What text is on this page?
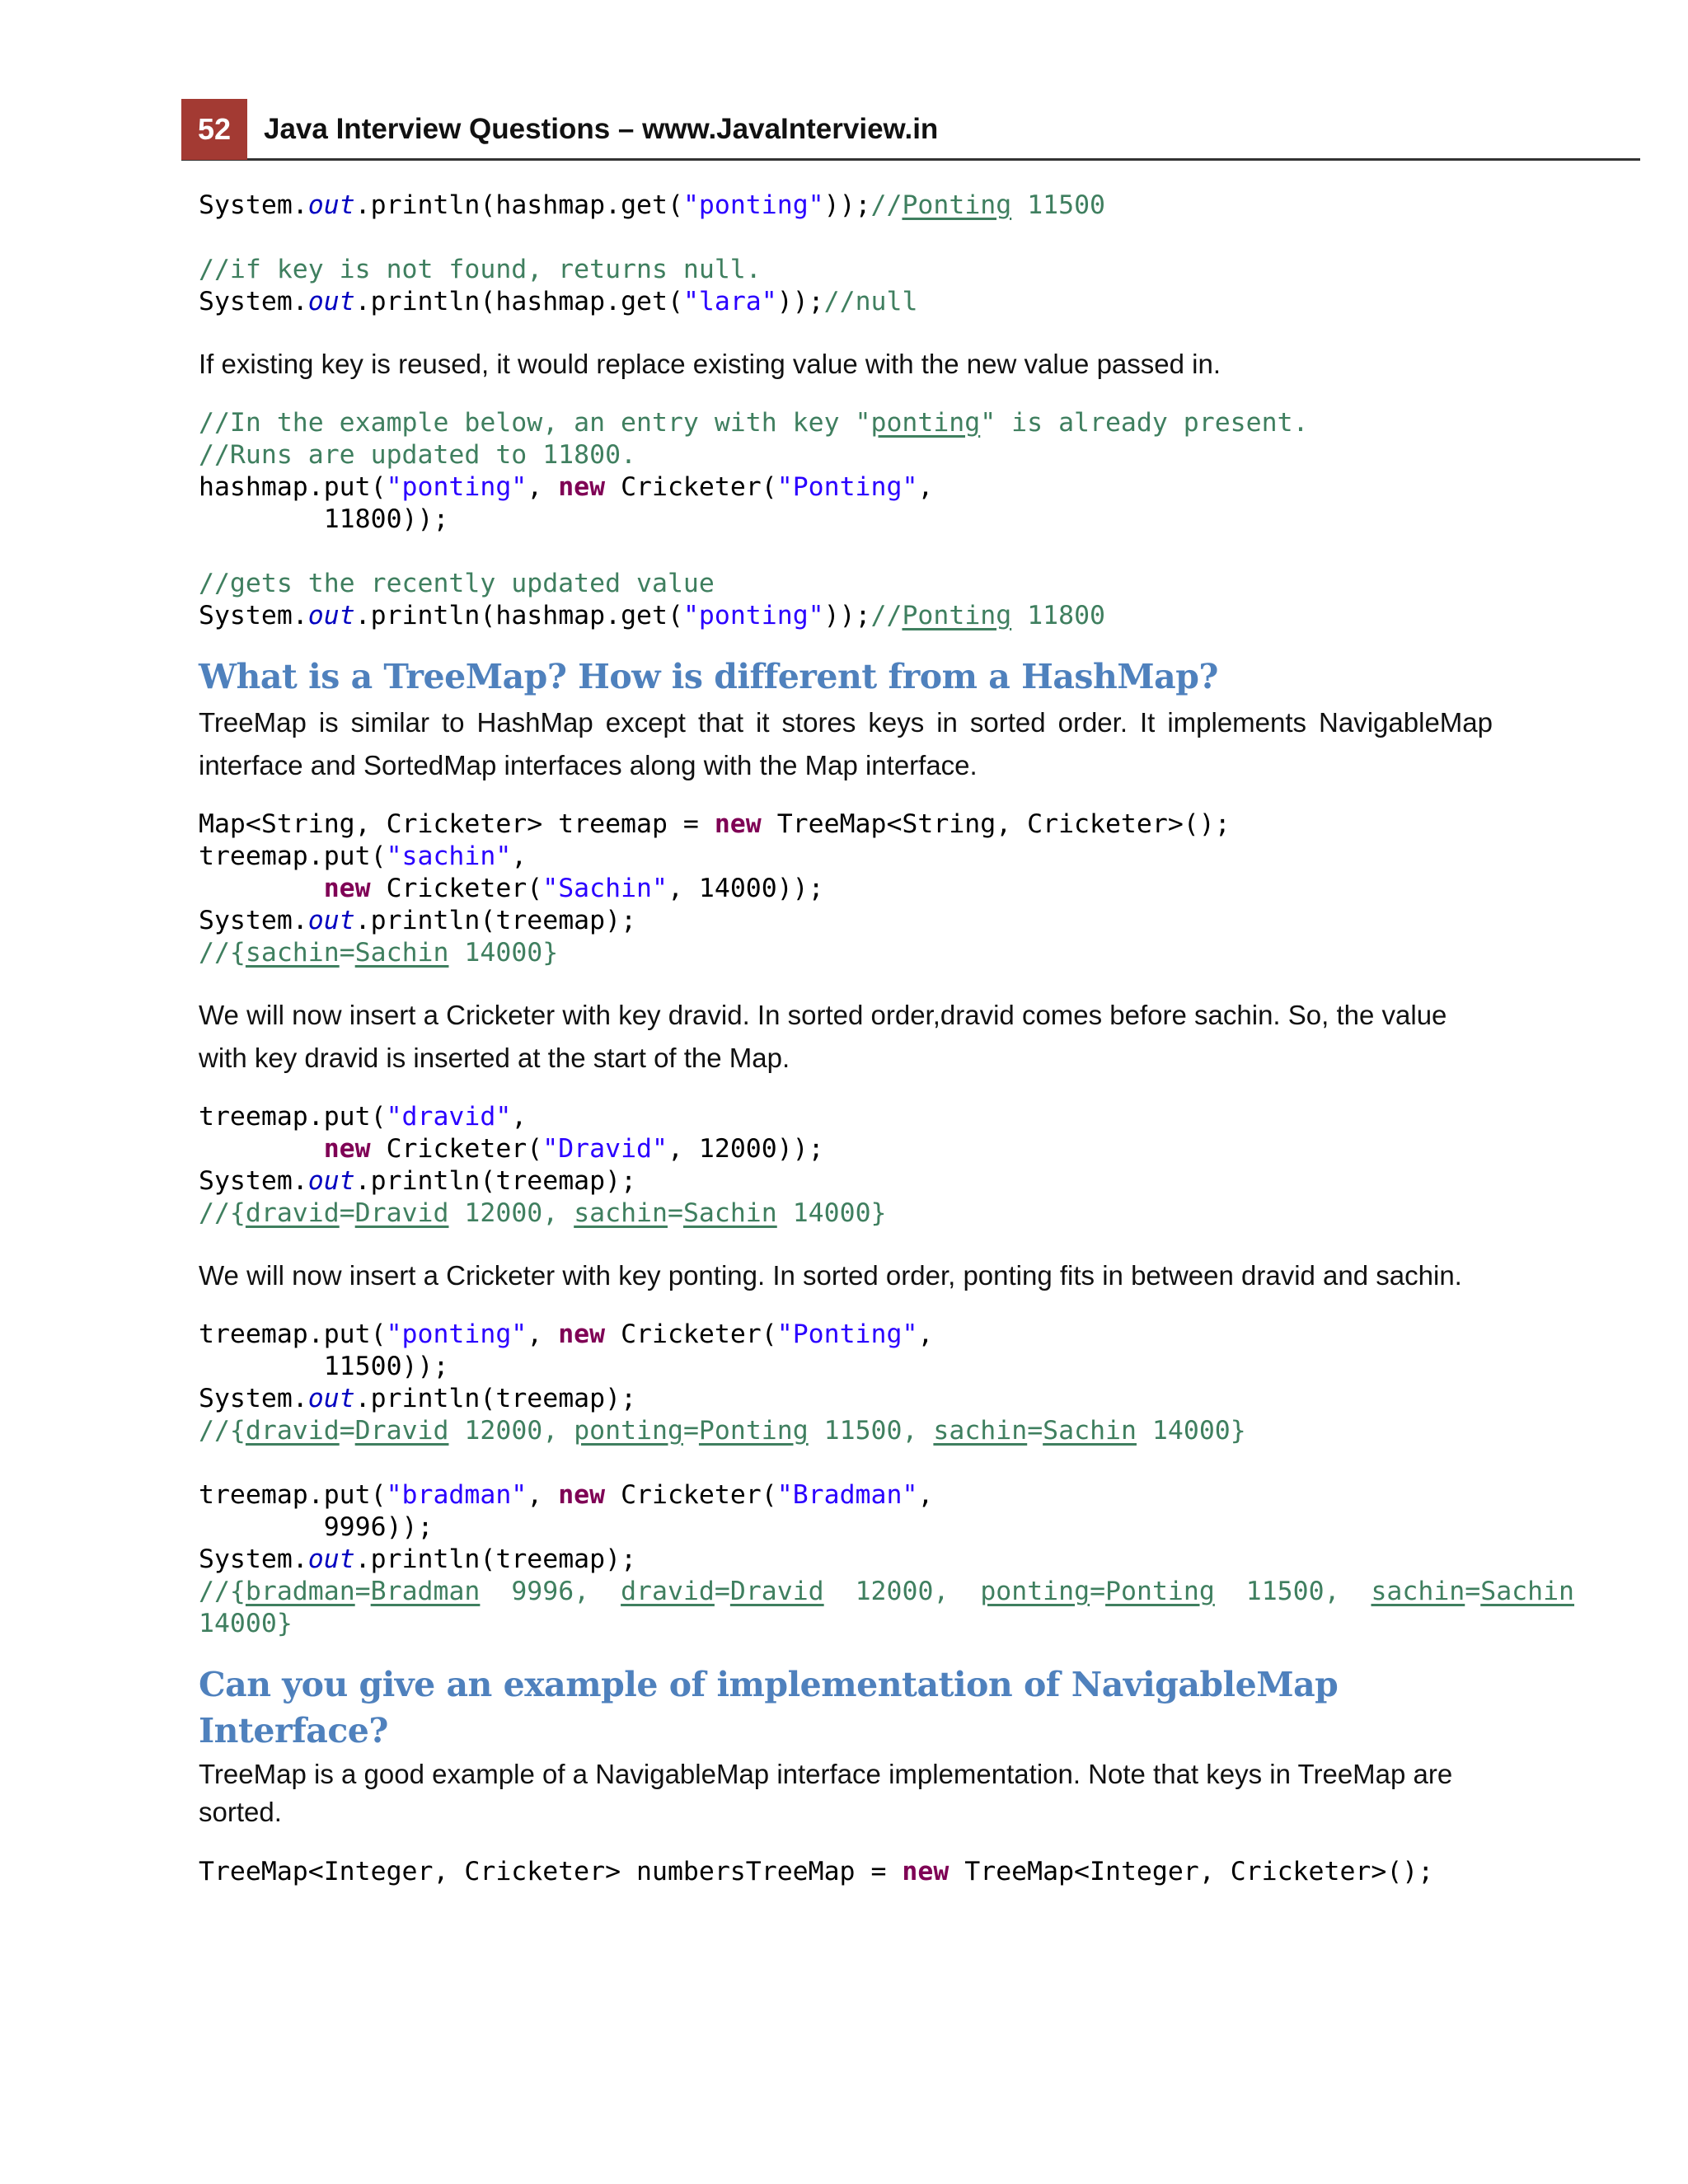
52	Java Interview Questions – www.JavaInterview.in
System.out.println(hashmap.get("ponting"));//Ponting 11500
//if key is not found, returns null.
System.out.println(hashmap.get("lara"));//null

If existing key is reused, it would replace existing value with the new value passed in.

//In the example below, an entry with key "ponting" is already present.
//Runs are updated to 11800.
hashmap.put("ponting", new Cricketer("Ponting",
11800));
//gets the recently updated value
System.out.println(hashmap.get("ponting"));//Ponting 11800
What is a TreeMap? How is different from a HashMap?

TreeMap is similar to HashMap except that it stores keys in sorted order. It implements NavigableMap interface and SortedMap interfaces along with the Map interface.

Map<String, Cricketer> treemap = new TreeMap<String, Cricketer>();
treemap.put("sachin",
new Cricketer("Sachin", 14000));
System.out.println(treemap);
//{sachin=Sachin 14000}

We will now insert a Cricketer with key dravid. In sorted order,dravid comes before sachin. So, the value with key dravid is inserted at the start of the Map.

treemap.put("dravid",
new Cricketer("Dravid", 12000));
System.out.println(treemap);
//{dravid=Dravid 12000, sachin=Sachin 14000}

We will now insert a Cricketer with key ponting. In sorted order, ponting fits in between dravid and sachin.

treemap.put("ponting", new Cricketer("Ponting",
11500));
System.out.println(treemap);
//{dravid=Dravid 12000, ponting=Ponting 11500, sachin=Sachin 14000}
treemap.put("bradman", new Cricketer("Bradman",
9996));
System.out.println(treemap);
//{bradman=Bradman  9996,  dravid=Dravid  12000,  ponting=Ponting  11500,  sachin=Sachin
14000}
Can you give an example of implementation of NavigableMap Interface?

TreeMap is a good example of a NavigableMap interface implementation. Note that keys in TreeMap are sorted.

TreeMap<Integer, Cricketer> numbersTreeMap = new TreeMap<Integer, Cricketer>();
